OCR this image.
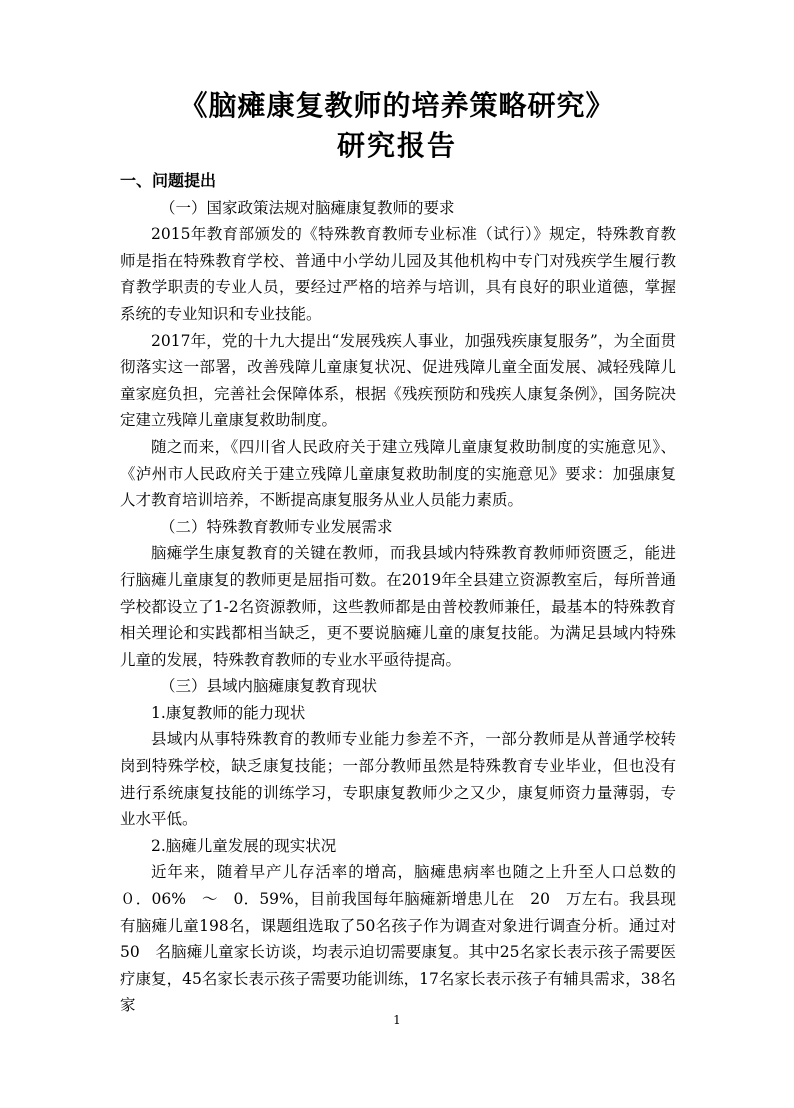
《脑瘫康复教师的培养策略研究》
研究报告

一、问题提出

（一）国家政策法规对脑瘫康复教师的要求

2015年教育部颁发的《特殊教育教师专业标准（试行）》规定，特殊教育教师是指在特殊教育学校、普通中小学幼儿园及其他机构中专门对残疾学生履行教育教学职责的专业人员，要经过严格的培养与培训，具有良好的职业道德，掌握系统的专业知识和专业技能。

2017年，党的十九大提出“发展残疾人事业，加强残疾康复服务”，为全面贯彻落实这一部署，改善残障儿童康复状况、促进残障儿童全面发展、减轻残障儿童家庭负担，完善社会保障体系，根据《残疾预防和残疾人康复条例》，国务院决定建立残障儿童康复救助制度。

随之而来，《四川省人民政府关于建立残障儿童康复救助制度的实施意见》、《泸州市人民政府关于建立残障儿童康复救助制度的实施意见》要求：加强康复人才教育培训培养，不断提高康复服务从业人员能力素质。

（二）特殊教育教师专业发展需求

脑瘫学生康复教育的关键在教师，而我县域内特殊教育教师师资匮乏，能进行脑瘫儿童康复的教师更是屈指可数。在2019年全县建立资源教室后，每所普通学校都设立了1-2名资源教师，这些教师都是由普校教师兼任，最基本的特殊教育相关理论和实践都相当缺乏，更不要说脑瘫儿童的康复技能。为满足县域内特殊儿童的发展，特殊教育教师的专业水平亟待提高。

（三）县域内脑瘫康复教育现状

1.康复教师的能力现状

县域内从事特殊教育的教师专业能力参差不齐，一部分教师是从普通学校转岗到特殊学校，缺乏康复技能；一部分教师虽然是特殊教育专业毕业，但也没有进行系统康复技能的训练学习，专职康复教师少之又少，康复师资力量薄弱，专业水平低。

2.脑瘫儿童发展的现实状况

近年来，随着早产儿存活率的增高，脑瘫患病率也随之上升至人口总数的０．06%　～　0．59%，目前我国每年脑瘫新增患儿在　20　万左右。我县现有脑瘫儿童198名，课题组选取了50名孩子作为调查对象进行调查分析。通过对50　名脑瘫儿童家长访谈，均表示迫切需要康复。其中25名家长表示孩子需要医疗康复，45名家长表示孩子需要功能训练，17名家长表示孩子有辅具需求，38名家

1
